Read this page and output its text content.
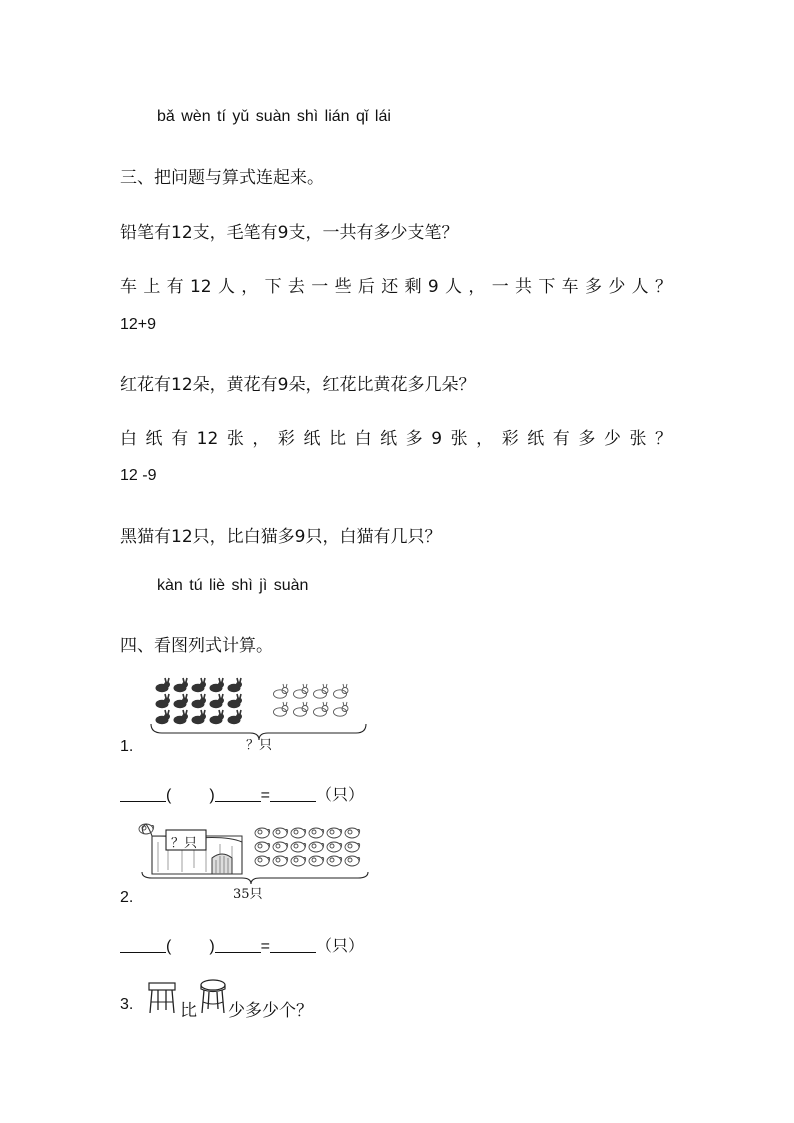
bǎ wèn tí yǔ suàn shì lián qǐ lái
三、把问题与算式连起来。
铅笔有12支，毛笔有9支，一共有多少支笔？
车上有12人，下去一些后还剩9人，一共下车多少人？
12+9
红花有12朵，黄花有9朵，红花比黄花多几朵？
白纸有12张，彩纸比白纸多9张，彩纸有多少张？
12 -9
黑猫有12只，比白猫多9只，白猫有几只？
kàn tú liè shì jì suàn
四、看图列式计算。
？只
1.
( )	=	（只）
？只
35只
2.
( )	=	（只）
3.	比 少多少个？
